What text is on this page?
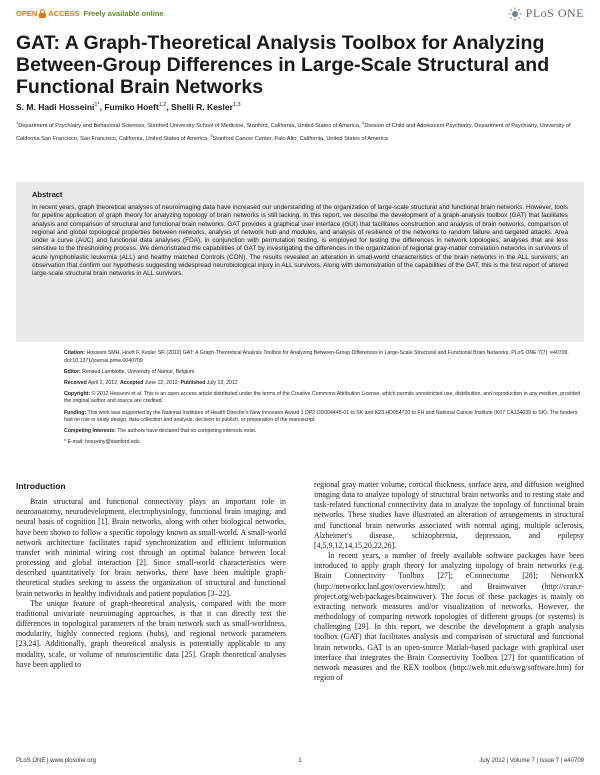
OPEN ACCESS Freely available online	PLoS ONE
GAT: A Graph-Theoretical Analysis Toolbox for Analyzing Between-Group Differences in Large-Scale Structural and Functional Brain Networks
S. M. Hadi Hosseini$^{1*}$, Fumiko Hoeft$^{1,2}$, Shelli R. Kesler$^{1,3}$
$^1$Department of Psychiatry and Behavioral Sciences, Stanford University School of Medicine, Stanford, California, United States of America, $^2$Division of Child and Adolescent Psychiatry, Department of Psychiatry, University of California San Francisco, San Francisco, California, United States of America, $^3$Stanford Cancer Center, Palo Alto, California, United States of America
Abstract
In recent years, graph theoretical analyses of neuroimaging data have increased our understanding of the organization of large-scale structural and functional brain networks. However, tools for pipeline application of graph theory for analyzing topology of brain networks is still lacking. In this report, we describe the development of a graph-analysis toolbox (GAT) that facilitates analysis and comparison of structural and functional brain networks. GAT provides a graphical user interface (GUI) that facilitates construction and analysis of brain networks, comparison of regional and global topological properties between networks, analysis of network hub and modules, and analysis of resilience of the networks to random failure and targeted attacks. Area under a curve (AUC) and functional data analyses (FDA), in conjunction with permutation testing, is employed for testing the differences in network topologies; analyses that are less sensitive to the thresholding process. We demonstrated the capabilities of GAT by investigating the differences in the organization of regional gray-matter correlation networks in survivors of acute lymphoblastic leukemia (ALL) and healthy matched Controls (CON). The results revealed an alteration in small-world characteristics of the brain networks in the ALL survivors; an observation that confirm our hypothesis suggesting widespread neurobiological injury in ALL survivors. Along with demonstration of the capabilities of the GAT, this is the first report of altered large-scale structural brain networks in ALL survivors.

Citation: Hosseini SMH, Hoeft F, Kesler SR (2012) GAT: A Graph-Theoretical Analysis Toolbox for Analyzing Between-Group Differences in Large-Scale Structural and Functional Brain Networks. PLoS ONE 7(7): e40709. doi:10.1371/journal.pone.0040709

Editor: Renaud Lambiotte, University of Namur, Belgium

Received April 2, 2012; Accepted June 12, 2012; Published July 13, 2012

Copyright: © 2012 Hosseini et al. This is an open-access article distributed under the terms of the Creative Commons Attribution License, which permits unrestricted use, distribution, and reproduction in any medium, provided the original author and source are credited.

Funding: This work was supported by the National Institutes of Health Director's New Innovator Award 1 DP2 OD004445-01 to SK and K23 HD054720 to FH and National Cancer Institute (K07 CA134639 to SK). The funders had no role in study design, data collection and analysis, decision to publish, or preparation of the manuscript.

Competing Interests: The authors have declared that no competing interests exist.

* E-mail: hosseiny@stanford.edu

Introduction

Brain structural and functional connectivity plays an important role in neuroanatomy, neurodevelopment, electrophysiology, functional brain imaging, and neural basis of cognition [1]. Brain networks, along with other biological networks, have been shown to follow a specific topology known as small-world. A small-world network architecture facilitates rapid synchronization and efficient information transfer with minimal wiring cost through an optimal balance between local processing and global interaction [2]. Since small-world characteristics were described quantitatively for brain networks, there have been multiple graph-theoretical studies seeking to assess the organization of structural and functional brain networks in healthy individuals and patient population [3–22].

The unique feature of graph-theoretical analysis, compared with the more traditional univariate neuroimaging approaches, is that it can directly test the differences in topological parameters of the brain network such as small-worldness, modularity, highly connected regions (hubs), and regional network parameters [23,24]. Additionally, graph theoretical analysis is potentially applicable to any modality, scale, or volume of neuroscientific data [25]. Graph theoretical analyses have been applied to

regional gray matter volume, cortical thickness, surface area, and diffusion weighted imaging data to analyze topology of structural brain networks and to resting state and task-related functional connectivity data to analyze the topology of functional brain networks. These studies have illustrated an alteration of arrangements in structural and functional brain networks associated with normal aging, multiple sclerosis, Alzheimer's disease, schizophrenia, depression, and epilepsy [4,5,9,12,14,15,20,22,26].

In recent years, a number of freely available software packages have been introduced to apply graph theory for analyzing topology of brain networks (e.g. Brain Connectivity Toolbox [27]; eConnectome [28]; NetworkX (http://networkx.lanl.gov/overview.html); and Brainwaiver (http://cran.r-project.org/web/packages/brainwaver). The focus of these packages is mainly on extracting network measures and/or visualization of networks. However, the methodology of comparing network topologies of different groups (or systems) is challenging [29]. In this report, we describe the development a graph analysis toolbox (GAT) that facilitates analysis and comparison of structural and functional brain networks. GAT is an open-source Matlab-based package with graphical user interface that integrates the Brain Connectivity Toolbox [27] for quantification of network measures and the REX toolbox (http://web.mit.edu/swg/software.htm) for region of

PLoS ONE | www.plosone.org	1	July 2012 | Volume 7 | Issue 7 | e40709
